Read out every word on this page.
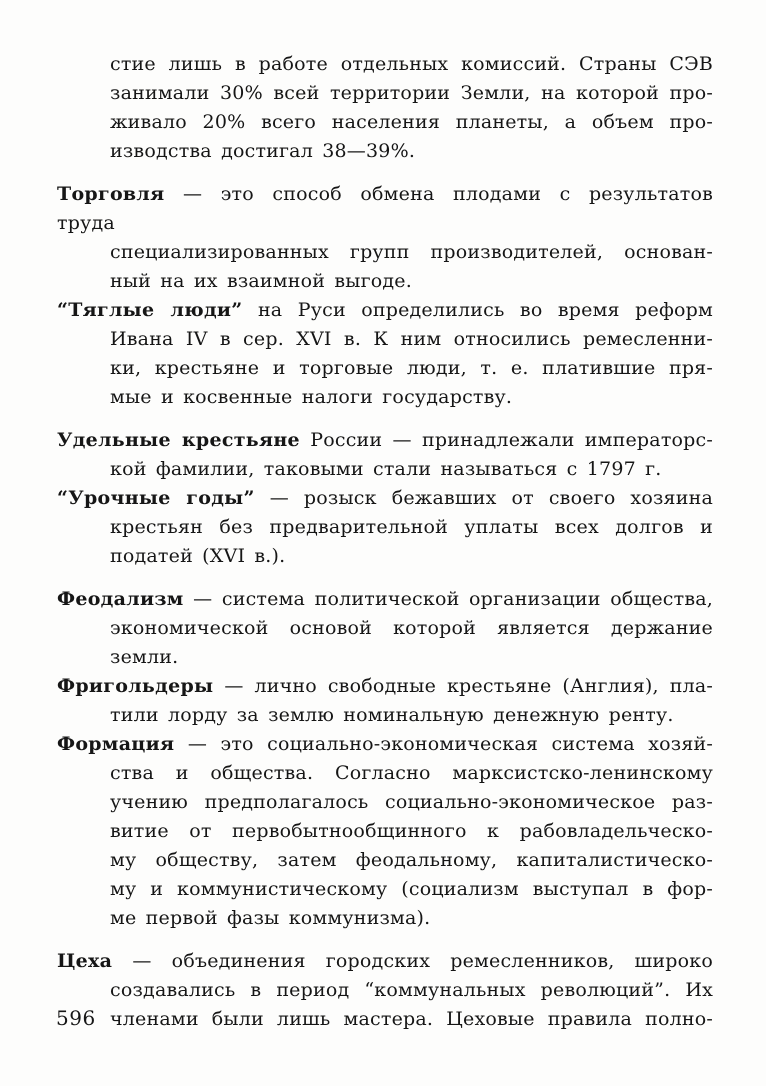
стие лишь в работе отдельных комиссий. Страны СЭВ
занимали 30% всей территории Земли, на которой про-
живало 20% всего населения планеты, а объем про-
изводства достигал 38—39%.
Торговля — это способ обмена плодами с результатов труда
специализированных групп производителей, основан-
ный на их взаимной выгоде.
“Тяглые люди” на Руси определились во время реформ
Ивана IV в сер. XVI в. К ним относились ремесленни-
ки, крестьяне и торговые люди, т. е. платившие пря-
мые и косвенные налоги государству.
Удельные крестьяне России — принадлежали императорс-
кой фамилии, таковыми стали называться с 1797 г.
“Урочные годы” — розыск бежавших от своего хозяина
крестьян без предварительной уплаты всех долгов и
податей (XVI в.).
Феодализм — система политической организации общества,
экономической основой которой является держание
земли.
Фригольдеры — лично свободные крестьяне (Англия), пла-
тили лорду за землю номинальную денежную ренту.
Формация — это социально-экономическая система хозяй-
ства и общества. Согласно марксистско-ленинскому
учению предполагалось социально-экономическое раз-
витие от первобытнообщинного к рабовладельческо-
му обществу, затем феодальному, капиталистическо-
му и коммунистическому (социализм выступал в фор-
ме первой фазы коммунизма).
Цеха — объединения городских ремесленников, широко
создавались в период “коммунальных революций”. Их
членами были лишь мастера. Цеховые правила полно-
596
